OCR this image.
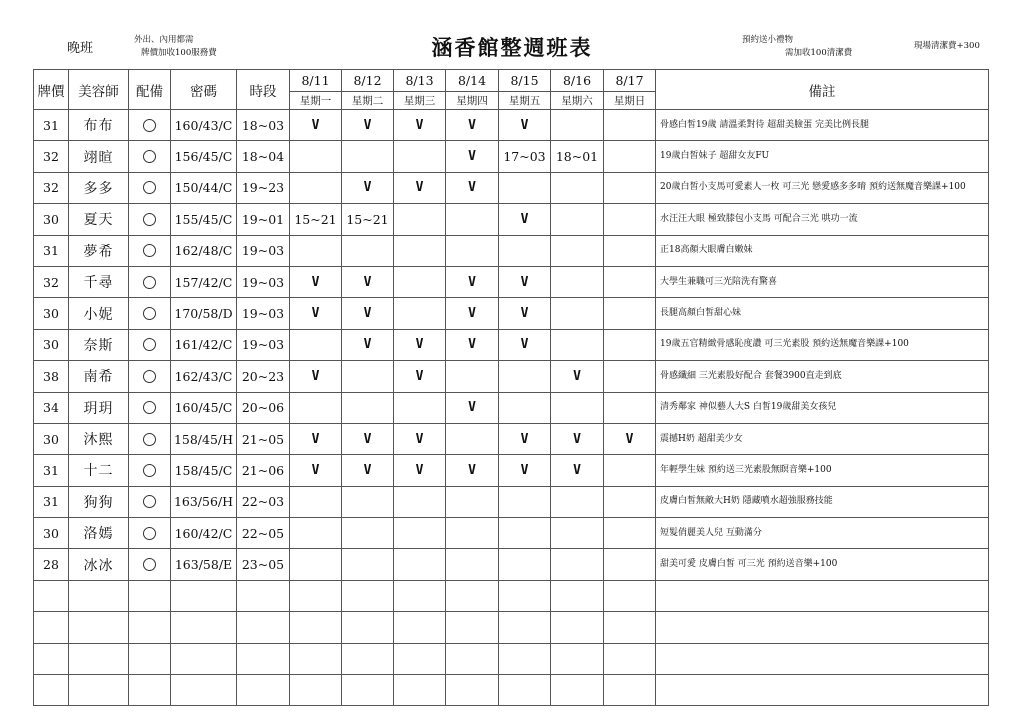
晚班
外出、內用都需
牌價加收100服務費	涵香館整週班表	預約送小禮物
需加收100清潔費
現場清潔費+300
牌價	美容師	配備	密碼	時段	8/11	8/12	8/13	8/14	8/15	8/16	8/17	備註
					星期一	星期二	星期三	星期四	星期五	星期六	星期日	
31	布布		160/43/C	18~03	V	V	V	V	V			骨感白皙19歲 請溫柔對待 超甜美臉蛋 完美比例長腿
32	翊暄		156/45/C	18~04				V	17~03	18~01		19歲白皙妹子 超甜女友FU
32	多多		150/44/C	19~23		V	V	V				20歲白皙小支馬可愛素人一枚 可三光 戀愛感多多唷 預約送無魔音樂課+100
30	夏天		155/45/C	19~01	15~21	15~21			V			水汪汪大眼 極致膝包小支馬 可配合三光 哄功一流
31	夢希		162/48/C	19~03								正18高顏大眼膚白嫩妹
32	千尋		157/42/C	19~03	V	V		V	V			大學生兼職可三光陪洗有驚喜
30	小妮		170/58/D	19~03	V	V		V	V			長腿高顏白皙甜心妹
30	奈斯		161/42/C	19~03		V	V	V	V			19歲五官精緻骨感恥度讚 可三光素股 預約送無魔音樂課+100
38	南希		162/43/C	20~23	V		V			V		骨感纖細 三光素股好配合 套餐3900直走到底
34	玥玥		160/45/C	20~06				V				清秀鄰家 神似藝人大S 白皙19歲甜美女孩兒
30	沐熙		158/45/H	21~05	V	V	V		V	V	V	震撼H奶 超甜美少女
31	十二		158/45/C	21~06	V	V	V	V	V	V		年輕學生妹 預約送三光素股無瞑音樂+100
31	狗狗		163/56/H	22~03								皮膚白皙無敵大H奶 隱藏噴水超強服務技能
30	洛嫣		160/42/C	22~05								短髮俏麗美人兒 互動滿分
28	冰冰		163/58/E	23~05								甜美可愛 皮膚白皙 可三光 預約送音樂+100
